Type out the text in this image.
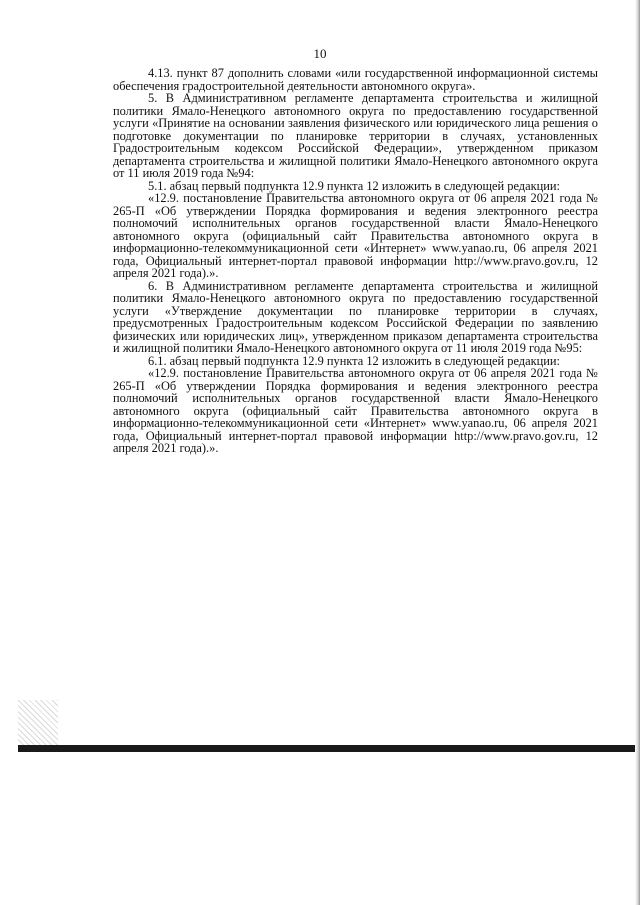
10

4.13. пункт 87 дополнить словами «или государственной информационной системы обеспечения градостроительной деятельности автономного округа».

5. В Административном регламенте департамента строительства и жилищной политики Ямало-Ненецкого автономного округа по предоставлению государственной услуги «Принятие на основании заявления физического или юридического лица решения о подготовке документации по планировке территории в случаях, установленных Градостроительным кодексом Российской Федерации», утвержденном приказом департамента строительства и жилищной политики Ямало-Ненецкого автономного округа от 11 июля 2019 года №94:

5.1. абзац первый подпункта 12.9 пункта 12 изложить в следующей редакции:

«12.9. постановление Правительства автономного округа от 06 апреля 2021 года № 265-П «Об утверждении Порядка формирования и ведения электронного реестра полномочий исполнительных органов государственной власти Ямало-Ненецкого автономного округа (официальный сайт Правительства автономного округа в информационно-телекоммуникационной сети «Интернет» www.yanao.ru, 06 апреля 2021 года, Официальный интернет-портал правовой информации http://www.pravo.gov.ru, 12 апреля 2021 года).».

6. В Административном регламенте департамента строительства и жилищной политики Ямало-Ненецкого автономного округа по предоставлению государственной услуги «Утверждение документации по планировке территории в случаях, предусмотренных Градостроительным кодексом Российской Федерации по заявлению физических или юридических лиц», утвержденном приказом департамента строительства и жилищной политики Ямало-Ненецкого автономного округа от 11 июля 2019 года №95:

6.1. абзац первый подпункта 12.9 пункта 12 изложить в следующей редакции:

«12.9. постановление Правительства автономного округа от 06 апреля 2021 года № 265-П «Об утверждении Порядка формирования и ведения электронного реестра полномочий исполнительных органов государственной власти Ямало-Ненецкого автономного округа (официальный сайт Правительства автономного округа в информационно-телекоммуникационной сети «Интернет» www.yanao.ru, 06 апреля 2021 года, Официальный интернет-портал правовой информации http://www.pravo.gov.ru, 12 апреля 2021 года).».
